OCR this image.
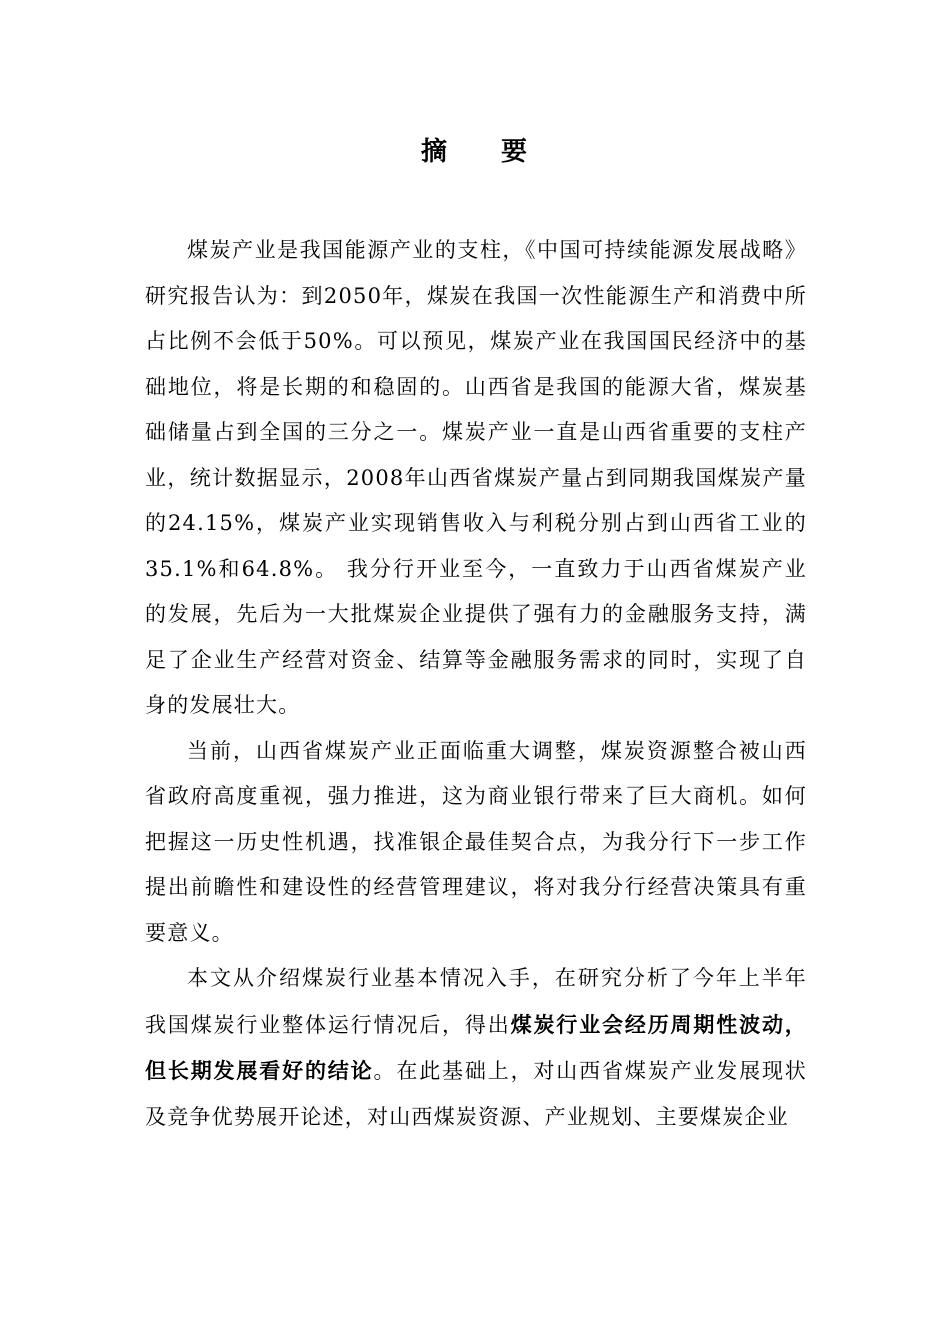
摘 要

煤炭产业是我国能源产业的支柱，《中国可持续能源发展战略》研究报告认为：到2050年，煤炭在我国一次性能源生产和消费中所占比例不会低于50%。可以预见，煤炭产业在我国国民经济中的基础地位，将是长期的和稳固的。山西省是我国的能源大省，煤炭基础储量占到全国的三分之一。煤炭产业一直是山西省重要的支柱产业，统计数据显示，2008年山西省煤炭产量占到同期我国煤炭产量的24.15%，煤炭产业实现销售收入与利税分别占到山西省工业的35.1%和64.8%。 我分行开业至今，一直致力于山西省煤炭产业的发展，先后为一大批煤炭企业提供了强有力的金融服务支持，满足了企业生产经营对资金、结算等金融服务需求的同时，实现了自身的发展壮大。

当前，山西省煤炭产业正面临重大调整，煤炭资源整合被山西省政府高度重视，强力推进，这为商业银行带来了巨大商机。如何把握这一历史性机遇，找准银企最佳契合点，为我分行下一步工作提出前瞻性和建设性的经营管理建议，将对我分行经营决策具有重要意义。

本文从介绍煤炭行业基本情况入手，在研究分析了今年上半年我国煤炭行业整体运行情况后，得出煤炭行业会经历周期性波动，但长期发展看好的结论。在此基础上，对山西省煤炭产业发展现状及竞争优势展开论述，对山西煤炭资源、产业规划、主要煤炭企业
